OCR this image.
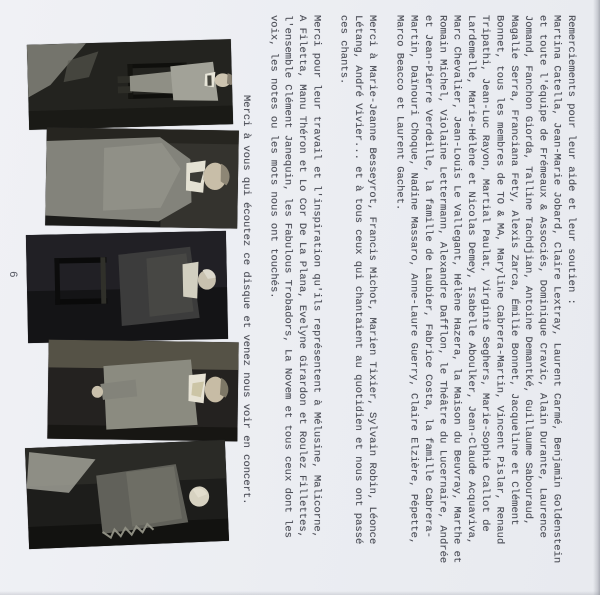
6	Remerciements pour leur aide et leur soutien :
Martina Catella, Jean-Marie Jobard, Claire Lextray, Laurent Carmé, Benjamin Goldenstein
et toute l'équipe de Frémeaux & Associés, Dominique Cravic, Alain Durante, Laurence
Jomand, Fanchon Giorda, Talline Tachdjian, Antoine Demantké, Guillaume Sabouraud,
Magalie Serra, Franciana Fety, Alexis Zarca, Émilie Bonnet, Jacqueline et Clément
Bonnet, tous les membres de TO & MA, Maryline Cabrera-Martin, Vincent Pislar, Renaud
Tripathi, Jean-Luc Rayon, Martial Paulat, Virginie Seghers, Marie-Sophie Callot de
Lardemelle, Marie-Hélène et Nicolas Demey, Isabelle Aboulker, Jean-Claude Acquaviva,
Marc Chevalier, Jean-Louis Le Vallegant, Hélène Hazera, la Maison du Beuvray, Marthe et
Romain Michel, Violaine Lettermann, Alexandre Dafflon, le Théâtre du Lucernaire, Andrée
et Jean-Pierre Verdeille, la famille de Laubier, Fabrice Costa, la famille Cabrera-
Martin, Daïnouri Choque, Nadine Massaro, Anne-Laure Guerry, Claire Elzière, Pépette,
Marco Beacco et Laurent Gachet.
Merci à Marie-Jeanne Besseyrot, Francis Michot, Marien Tixier, Sylvain Robin, Léonce
Létang, André Vivier... et à tous ceux qui chantaient au quotidien et nous ont passé
ces chants.
Merci pour leur travail et l'inspiration qu'ils représentent à Mélusine, Malicorne,
A Filetta, Manu Théron et Lo Cor De La Plana, Evelyne Girardon et Roulez Fillettes,
l'ensemble Clément Janequin, les Fabulous Trobadors, La Novem et tous ceux dont les
voix, les notes ou les mots nous ont touchés.
Merci à vous qui écoutez ce disque et venez nous voir en concert.
